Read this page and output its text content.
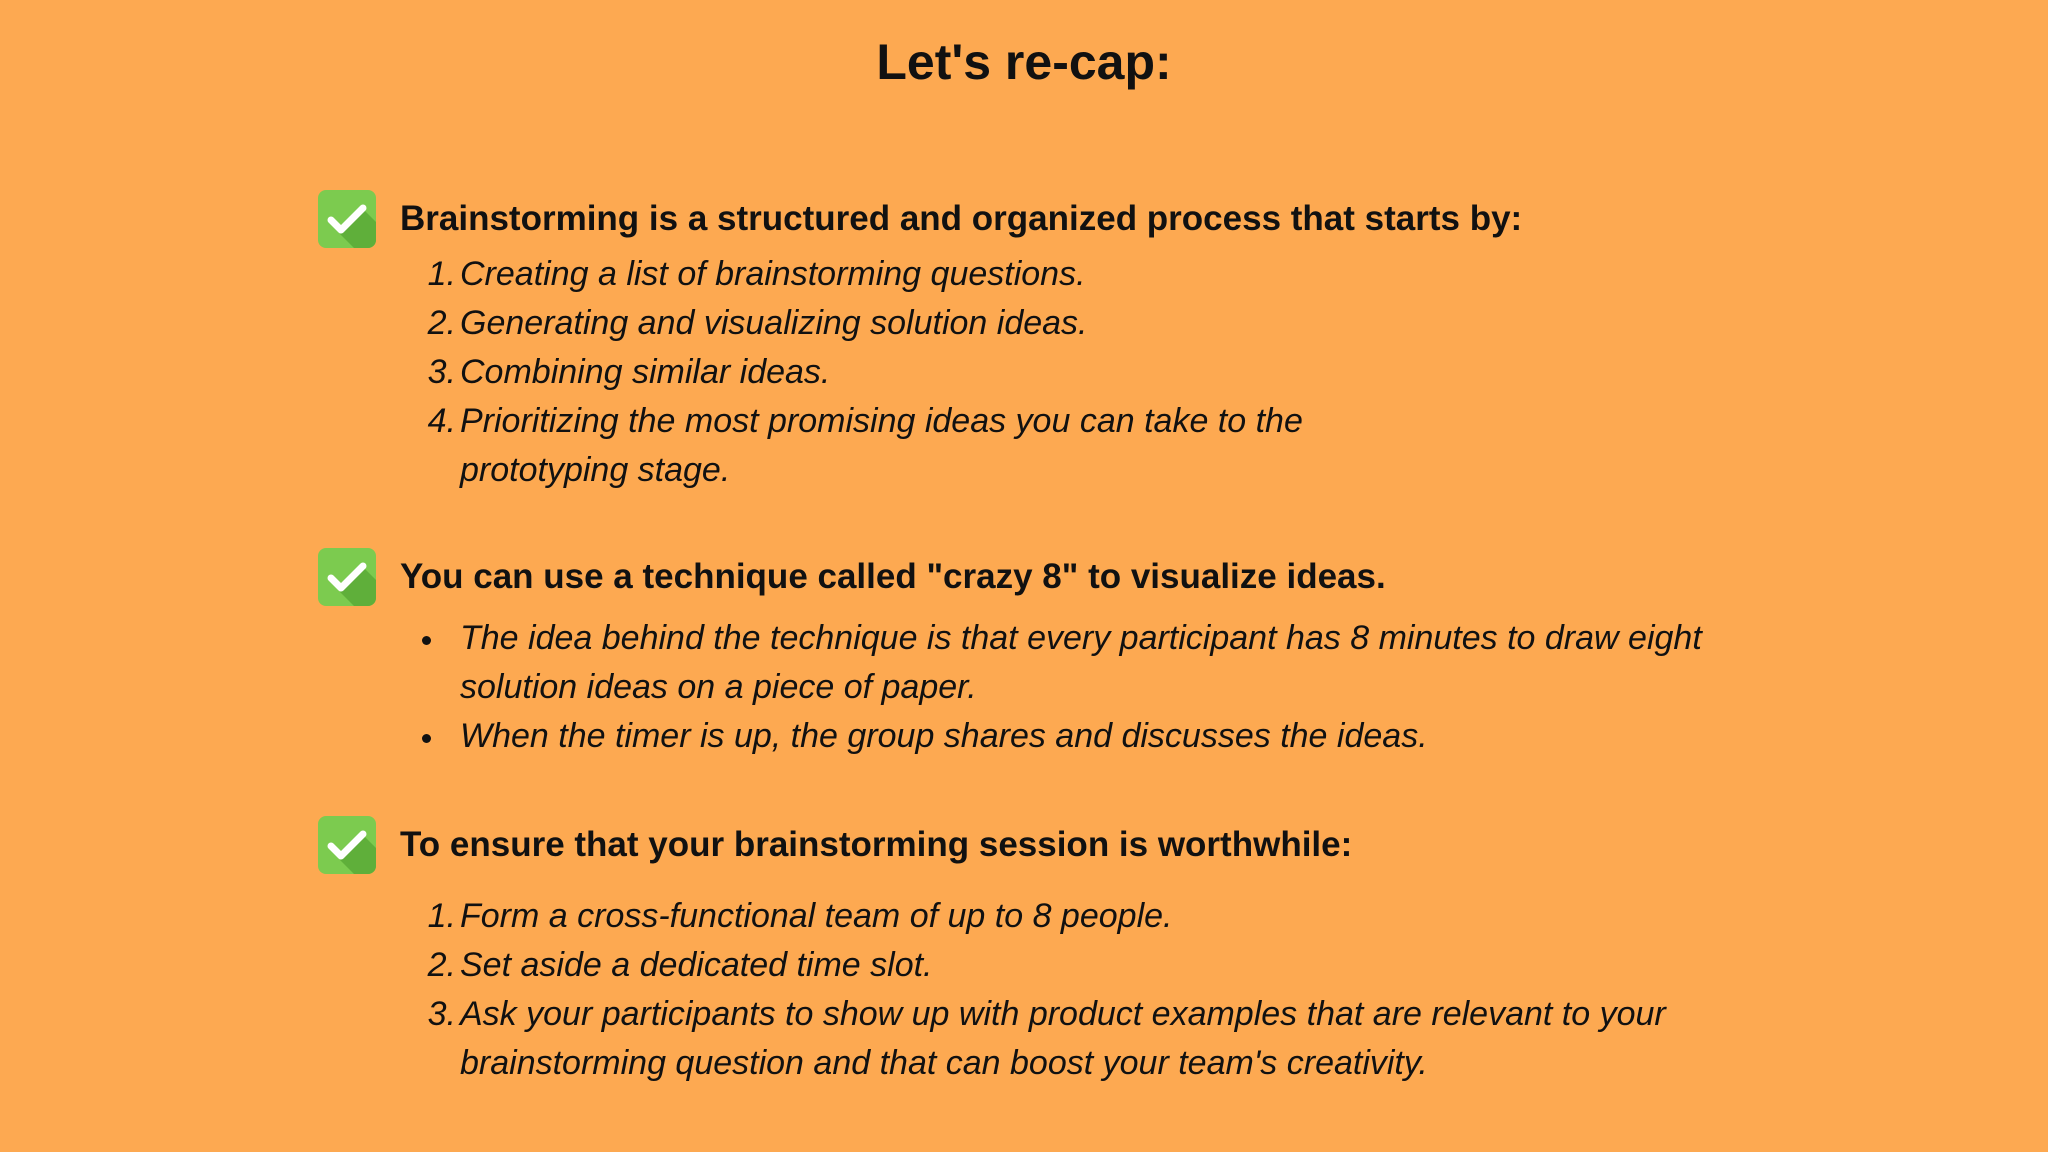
Let's re-cap:
Brainstorming is a structured and organized process that starts by:
1. Creating a list of brainstorming questions.
2. Generating and visualizing solution ideas.
3. Combining similar ideas.
4. Prioritizing the most promising ideas you can take to the prototyping stage.
You can use a technique called "crazy 8" to visualize ideas.
The idea behind the technique is that every participant has 8 minutes to draw eight solution ideas on a piece of paper.
When the timer is up, the group shares and discusses the ideas.
To ensure that your brainstorming session is worthwhile:
1. Form a cross-functional team of up to 8 people.
2. Set aside a dedicated time slot.
3. Ask your participants to show up with product examples that are relevant to your brainstorming question and that can boost your team's creativity.
